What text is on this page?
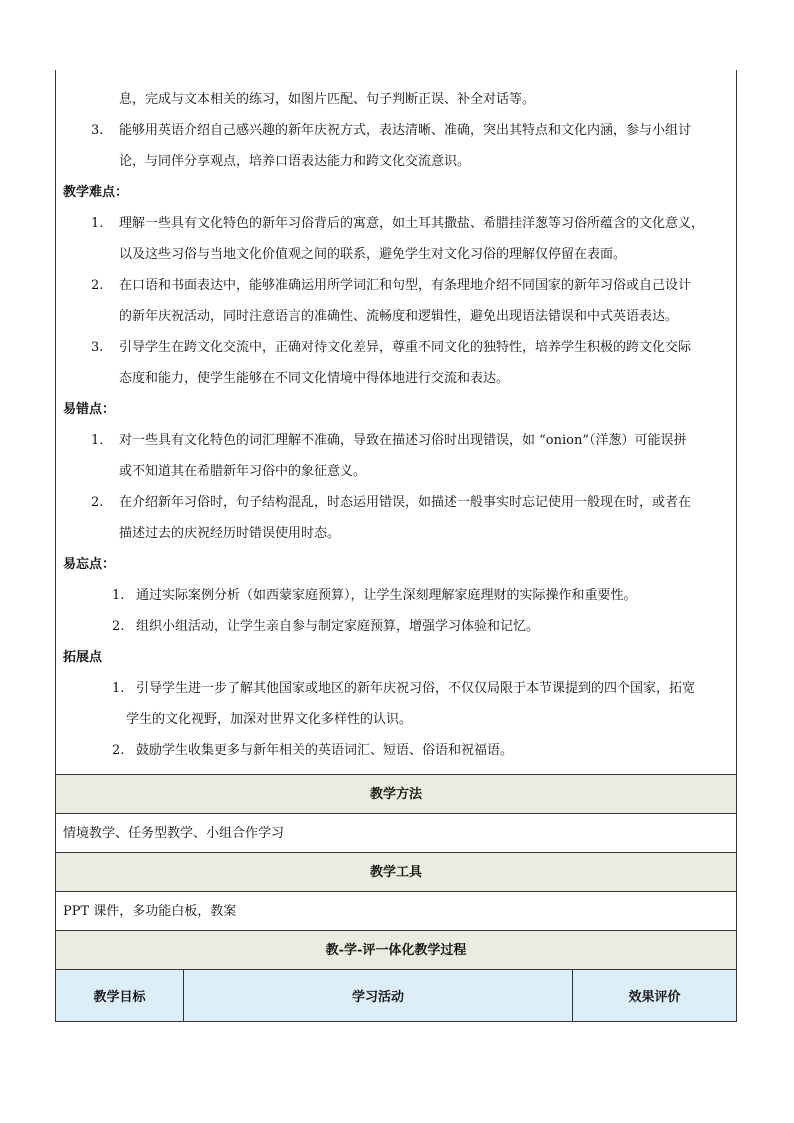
息，完成与文本相关的练习，如图片匹配、句子判断正误、补全对话等。
3.	能够用英语介绍自己感兴趣的新年庆祝方式，表达清晰、准确，突出其特点和文化内涵，参与小组讨
论，与同伴分享观点，培养口语表达能力和跨文化交流意识。
教学难点：
1.	理解一些具有文化特色的新年习俗背后的寓意，如土耳其撒盐、希腊挂洋葱等习俗所蕴含的文化意义，
以及这些习俗与当地文化价值观之间的联系，避免学生对文化习俗的理解仅停留在表面。
2.	在口语和书面表达中，能够准确运用所学词汇和句型，有条理地介绍不同国家的新年习俗或自己设计
的新年庆祝活动，同时注意语言的准确性、流畅度和逻辑性，避免出现语法错误和中式英语表达。
3.	引导学生在跨文化交流中，正确对待文化差异，尊重不同文化的独特性，培养学生积极的跨文化交际
态度和能力，使学生能够在不同文化情境中得体地进行交流和表达。
易错点：
1.	对一些具有文化特色的词汇理解不准确，导致在描述习俗时出现错误，如 “onion”（洋葱）可能误拼
或不知道其在希腊新年习俗中的象征意义。
2.	在介绍新年习俗时，句子结构混乱，时态运用错误，如描述一般事实时忘记使用一般现在时，或者在
描述过去的庆祝经历时错误使用时态。
易忘点：
1. 通过实际案例分析（如西蒙家庭预算），让学生深刻理解家庭理财的实际操作和重要性。
2. 组织小组活动，让学生亲自参与制定家庭预算，增强学习体验和记忆。
拓展点
1. 引导学生进一步了解其他国家或地区的新年庆祝习俗，不仅仅局限于本节课提到的四个国家，拓宽
学生的文化视野，加深对世界文化多样性的认识。
2. 鼓励学生收集更多与新年相关的英语词汇、短语、俗语和祝福语。
教学方法
情境教学、任务型教学、小组合作学习
教学工具
PPT 课件，多功能白板，教案
教-学-评一体化教学过程
教学目标	学习活动	效果评价
